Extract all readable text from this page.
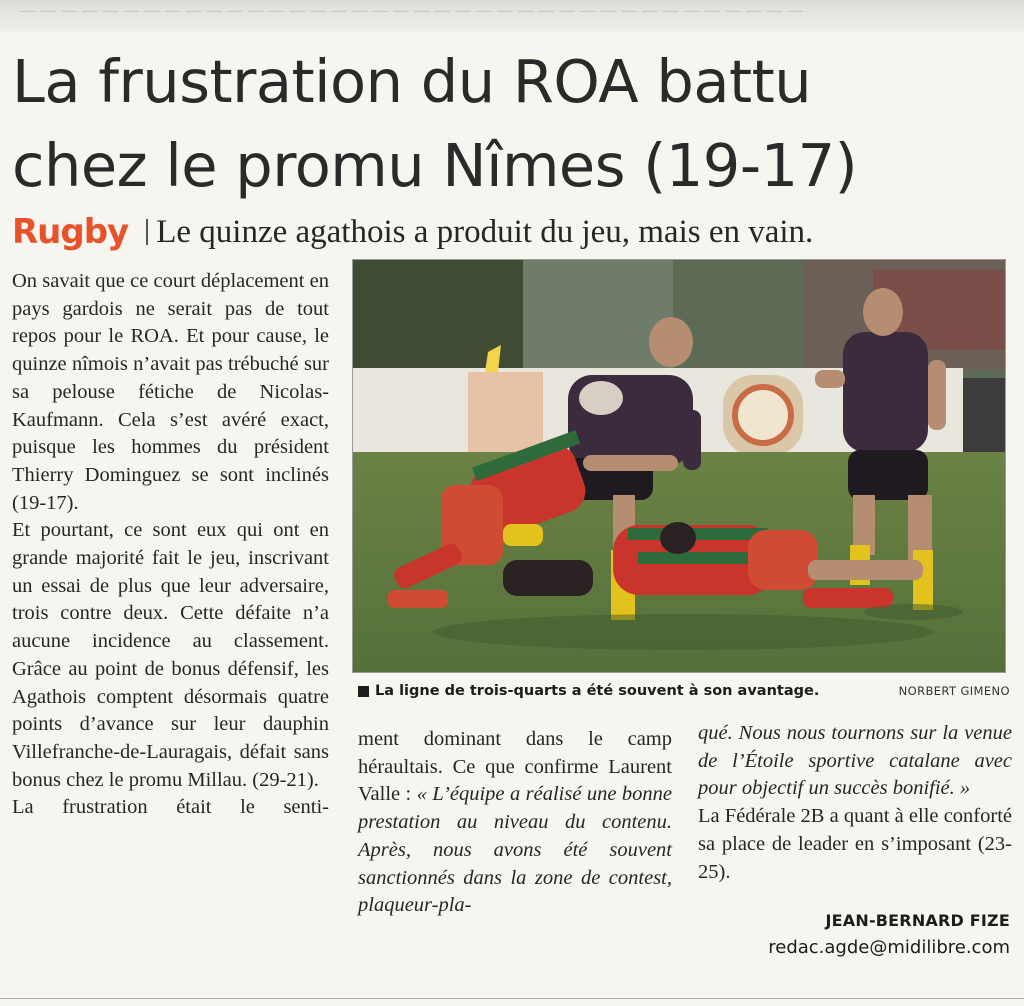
— — — — — — — — — — — — — — — — — — — — — — — — — — — — — — — — — — — — — —
La frustration du ROA battu
chez le promu Nîmes (19-17)
Rugby Le quinze agathois a produit du jeu, mais en vain.

On savait que ce court déplacement en pays gardois ne serait pas de tout repos pour le ROA. Et pour cause, le quinze nîmois n’avait pas trébuché sur sa pelouse fétiche de Nicolas-Kaufmann. Cela s’est avéré exact, puisque les hommes du président Thierry Dominguez se sont inclinés (19-17).

Et pourtant, ce sont eux qui ont en grande majorité fait le jeu, inscrivant un essai de plus que leur adversaire, trois contre deux. Cette défaite n’a aucune incidence au classement. Grâce au point de bonus défensif, les Agathois comptent désormais quatre points d’avance sur leur dauphin Villefranche-de-Lauragais, défait sans bonus chez le promu Millau. (29-21).

La frustration était le senti-

La ligne de trois-quarts a été souvent à son avantage.	NORBERT GIMENO

ment dominant dans le camp héraultais. Ce que confirme Laurent Valle : « L’équipe a réalisé une bonne prestation au niveau du contenu. Après, nous avons été souvent sanctionnés dans la zone de contest, plaqueur-pla-

qué. Nous nous tournons sur la venue de l’Étoile sportive catalane avec pour objectif un succès bonifié. »

La Fédérale 2B a quant à elle conforté sa place de leader en s’imposant (23-25).

JEAN-BERNARD FIZE
redac.agde@midilibre.com
